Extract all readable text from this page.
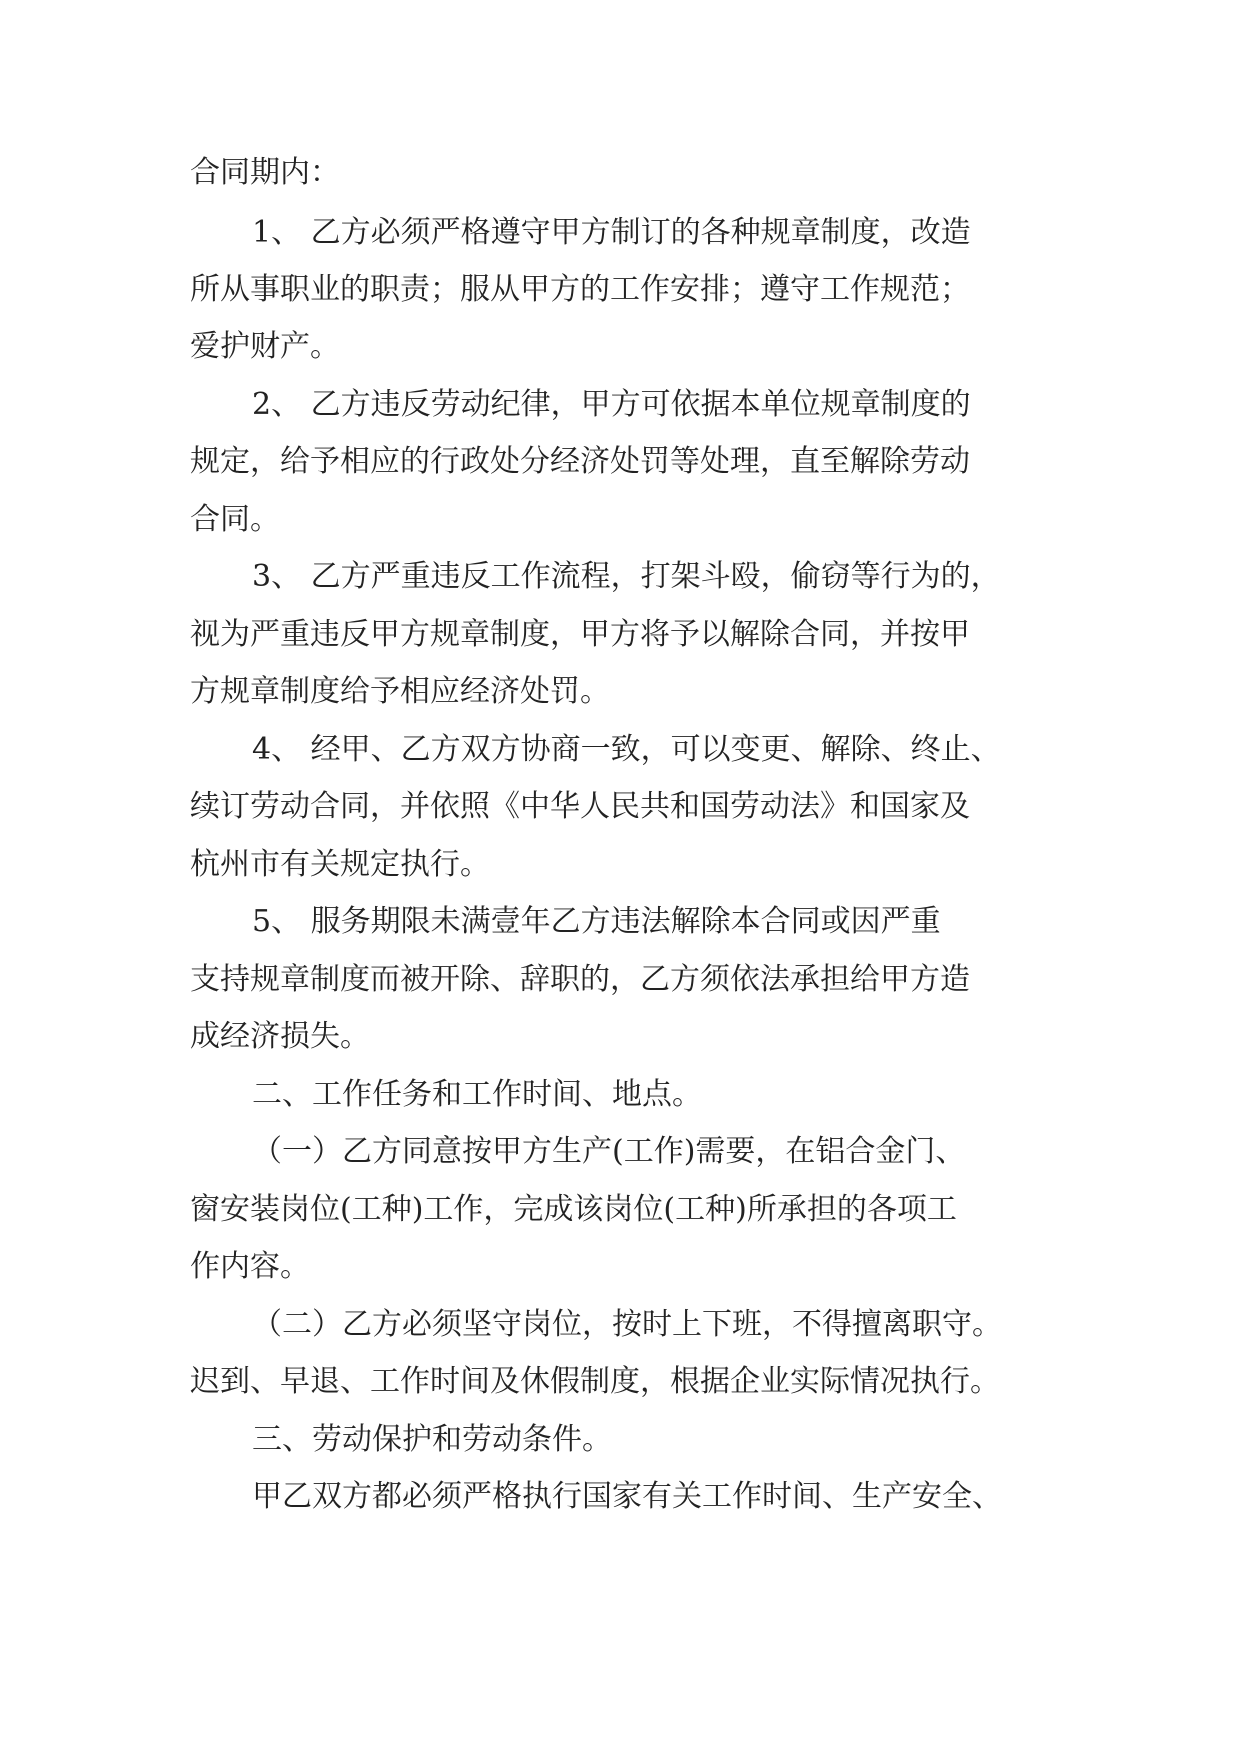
合同期内：
1、 乙方必须严格遵守甲方制订的各种规章制度，改造
所从事职业的职责；服从甲方的工作安排；遵守工作规范；
爱护财产。
2、 乙方违反劳动纪律，甲方可依据本单位规章制度的
规定，给予相应的行政处分经济处罚等处理，直至解除劳动
合同。
3、 乙方严重违反工作流程，打架斗殴，偷窃等行为的，
视为严重违反甲方规章制度，甲方将予以解除合同，并按甲
方规章制度给予相应经济处罚。
4、 经甲、乙方双方协商一致，可以变更、解除、终止、
续订劳动合同，并依照《中华人民共和国劳动法》和国家及
杭州市有关规定执行。
5、 服务期限未满壹年乙方违法解除本合同或因严重
支持规章制度而被开除、辞职的，乙方须依法承担给甲方造
成经济损失。
二、工作任务和工作时间、地点。
（一）乙方同意按甲方生产(工作)需要，在铝合金门、
窗安装岗位(工种)工作，完成该岗位(工种)所承担的各项工
作内容。
（二）乙方必须坚守岗位，按时上下班，不得擅离职守。
迟到、早退、工作时间及休假制度，根据企业实际情况执行。
三、劳动保护和劳动条件。
甲乙双方都必须严格执行国家有关工作时间、生产安全、
